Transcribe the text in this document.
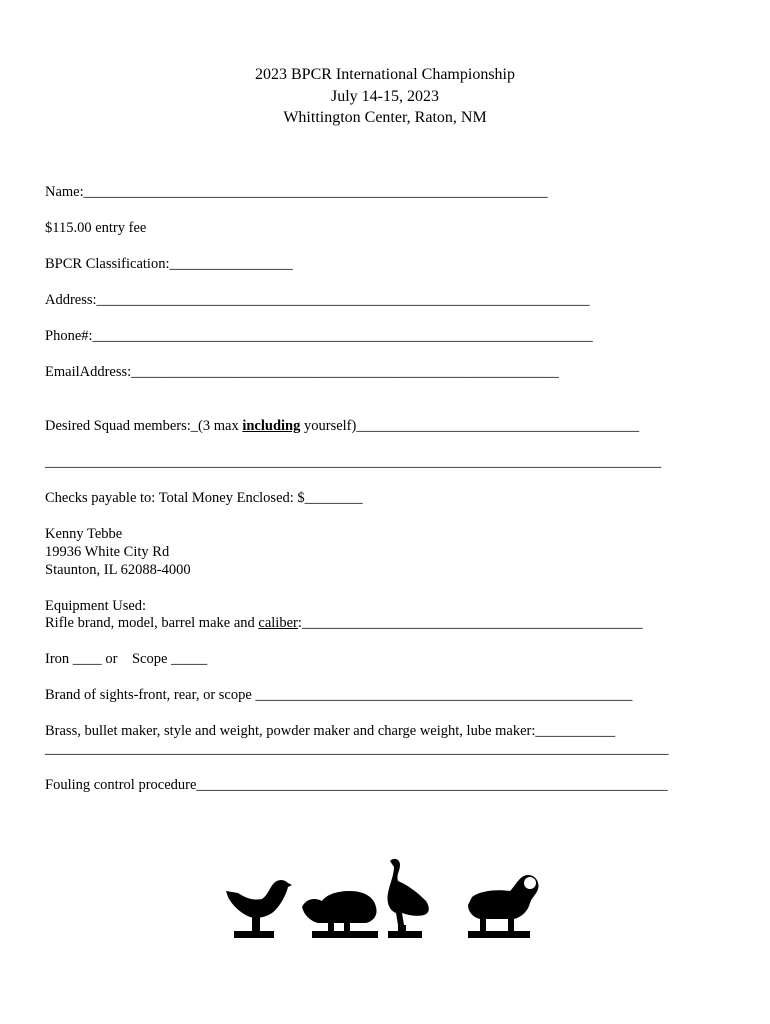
2023 BPCR International Championship
July 14-15, 2023
Whittington Center, Raton, NM
Name:________________________________________________________________
$115.00 entry fee
BPCR Classification:_________________
Address:____________________________________________________________________
Phone#:_____________________________________________________________________
EmailAddress:___________________________________________________________
Desired Squad members:_(3 max including yourself)_______________________________________
_____________________________________________________________________________________
Checks payable to: Total Money Enclosed: $________
Kenny Tebbe
19936 White City Rd
Staunton, IL 62088-4000
Equipment Used:
Rifle brand, model, barrel make and caliber:_______________________________________________
Iron ____ or    Scope _____
Brand of sights-front, rear, or scope ____________________________________________________
Brass, bullet maker, style and weight, powder maker and charge weight, lube maker:___________
______________________________________________________________________________________
Fouling control procedure_________________________________________________________________
